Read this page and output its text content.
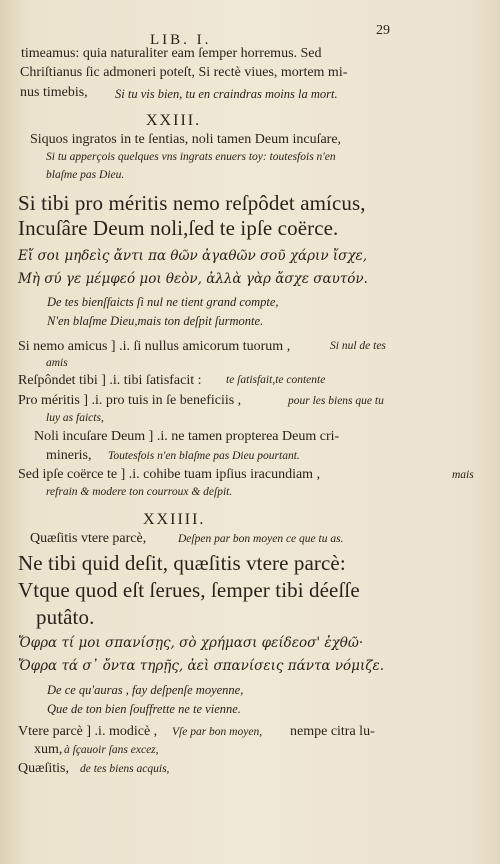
LIB. I.
29
timeamus: quia naturaliter eam ſemper horremus. Sed
Chriſtianus ſic admoneri poteſt, Si rectè viues, mortem mi-
nus timebis, Si tu vis bien, tu en craindras moins la mort.
XXIII.
Siquos ingratos in te ſentias, noli tamen Deum incuſare,
Si tu apperçois quelques vns ingrats enuers toy: toutesfois n'en
blaſme pas Dieu.
Si tibi pro méritis nemo reſpôdet amícus,
Incuſâre Deum noli,ſed te ipſe coërce.
Εἴ σοι μηδεὶς ἄντι πα θῶν ἀγαθῶν σοῦ χάριν ἴσχε,
Μὴ σύ γε μέμφεό μοι θεὸν, ἀλλὰ γὰρ ἄσχε σαυτόν.
De tes bienſfaicts ſi nul ne tient grand compte,
N'en blaſme Dieu,mais ton deſpit ſurmonte.
Si nemo amicus ] .i. ſi nullus amicorum tuorum ,	Si nul de tes
amis
Reſpôndet tibi ] .i. tibi ſatisfacit : te ſatisfait,te contente
Pro méritis ] .i. pro tuis in ſe beneficiis ,	pour les biens que tu
luy as faicts,
Noli incuſare Deum ] .i. ne tamen propterea Deum cri-
mineris, Toutesfois n'en blaſme pas Dieu pourtant.
Sed ipſe coërce te ] .i. cohibe tuam ipſius iracundiam ,	mais
refrain & modere ton courroux & deſpit.
XXIIII.
Quæſitis vtere parcè,	Deſpen par bon moyen ce que tu as.
Ne tibi quid deſit, quæſitis vtere parcè:
Vtque quod eſt ſerues, ſemper tibi déeſſe
putâto.
Ὄφρα τί μοι σπανίσῃς, σὸ χρήμασι φείδεοσ' ἐχθῶ·
Ὄφρα τά σ᾽ ὄντα τηρῇς, ἀεὶ σπανίσεις πάντα νόμιζε.
De ce qu'auras , fay deſpenſe moyenne,
Que de ton bien ſouffrette ne te vienne.
Vtere parcè ] .i. modicè , Vſe par bon moyen, nempe citra lu-
xum, à ſçauoir ſans excez,
Quæſitis, de tes biens acquis,
